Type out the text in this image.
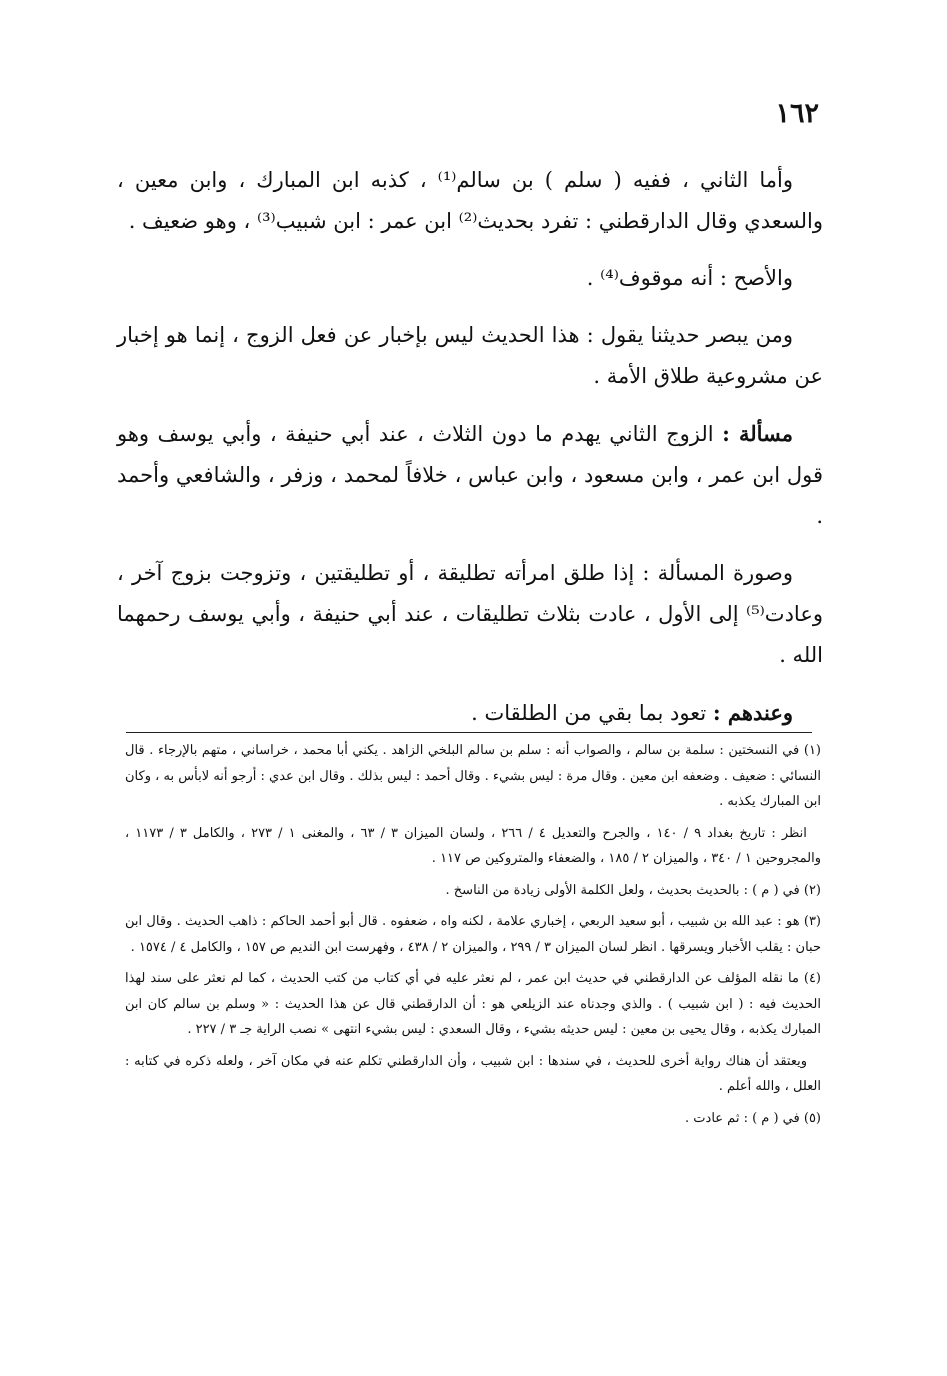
١٦٢

وأما الثاني ، ففيه ( سلم ) بن سالم⁽¹⁾ ، كذبه ابن المبارك ، وابن معين ، والسعدي وقال الدارقطني : تفرد بحديث⁽²⁾ ابن عمر : ابن شبيب⁽³⁾ ، وهو ضعيف .

والأصح : أنه موقوف⁽⁴⁾ .

ومن يبصر حديثنا يقول : هذا الحديث ليس بإخبار عن فعل الزوج ، إنما هو إخبار عن مشروعية طلاق الأمة .

مسألة : الزوج الثاني يهدم ما دون الثلاث ، عند أبي حنيفة ، وأبي يوسف وهو قول ابن عمر ، وابن مسعود ، وابن عباس ، خلافاً لمحمد ، وزفر ، والشافعي وأحمد .

وصورة المسألة : إذا طلق امرأته تطليقة ، أو تطليقتين ، وتزوجت بزوج آخر ، وعادت⁽⁵⁾ إلى الأول ، عادت بثلاث تطليقات ، عند أبي حنيفة ، وأبي يوسف رحمهما الله .

وعندهم : تعود بما بقي من الطلقات .

(١) في النسختين : سلمة بن سالم ، والصواب أنه : سلم بن سالم البلخي الزاهد . يكني أبا محمد ، خراساني ، متهم بالإرجاء . قال النسائي : ضعيف . وضعفه ابن معين . وقال مرة : ليس بشيء . وقال أحمد : ليس بذلك . وقال ابن عدي : أرجو أنه لابأس به ، وكان ابن المبارك يكذبه .

انظر : تاريخ بغداد ٩ / ١٤٠ ، والجرح والتعديل ٤ / ٢٦٦ ، ولسان الميزان ٣ / ٦٣ ، والمغنى ١ / ٢٧٣ ، والكامل ٣ / ١١٧٣ ، والمجروحين ١ / ٣٤٠ ، والميزان ٢ / ١٨٥ ، والضعفاء والمتروكين ص ١١٧ .

(٢) في ( م ) : بالحديث بحديث ، ولعل الكلمة الأولى زيادة من الناسخ .

(٣) هو : عبد الله بن شبيب ، أبو سعيد الربعي ، إخباري علامة ، لكنه واه ، ضعفوه . قال أبو أحمد الحاكم : ذاهب الحديث . وقال ابن حبان : يقلب الأخبار ويسرقها . انظر لسان الميزان ٣ / ٢٩٩ ، والميزان ٢ / ٤٣٨ ، وفهرست ابن النديم ص ١٥٧ ، والكامل ٤ / ١٥٧٤ .

(٤) ما نقله المؤلف عن الدارقطني في حديث ابن عمر ، لم نعثر عليه في أي كتاب من كتب الحديث ، كما لم نعثر على سند لهذا الحديث فيه : ( ابن شبيب ) . والذي وجدناه عند الزيلعي هو : أن الدارقطني قال عن هذا الحديث : « وسلم بن سالم كان ابن المبارك يكذبه ، وقال يحيى بن معين : ليس حديثه بشيء ، وقال السعدي : ليس بشيء انتهى » نصب الراية جـ ٣ / ٢٢٧ .

ويعتقد أن هناك رواية أخرى للحديث ، في سندها : ابن شبيب ، وأن الدارقطني تكلم عنه في مكان آخر ، ولعله ذكره في كتابه : العلل ، والله أعلم .

(٥) في ( م ) : ثم عادت .
